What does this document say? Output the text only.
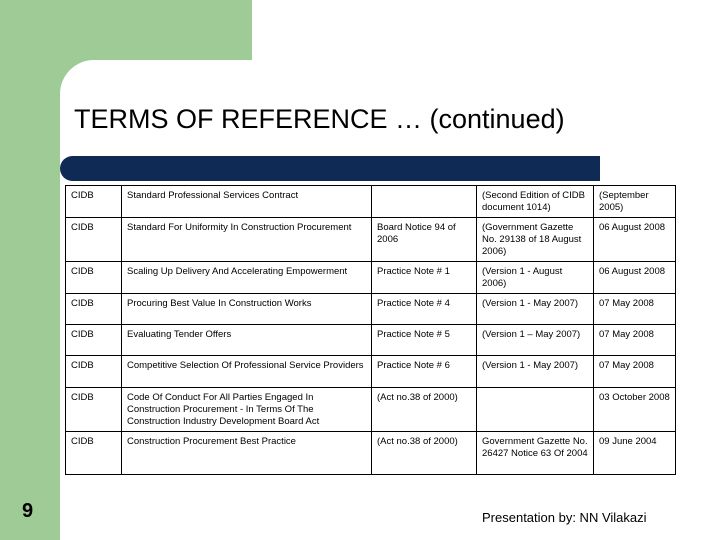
TERMS OF REFERENCE … (continued)
CIDB	Standard Professional Services Contract		(Second Edition of CIDB document 1014)	(September 2005)
CIDB	Standard For Uniformity In Construction Procurement	Board Notice 94 of 2006	(Government Gazette No. 29138 of 18 August 2006)	06 August 2008
CIDB	Scaling Up Delivery And Accelerating Empowerment	Practice Note # 1	(Version 1 - August 2006)	06 August 2008
CIDB	Procuring Best Value In Construction Works	Practice Note # 4	(Version 1 - May 2007)	07 May 2008
CIDB	Evaluating Tender Offers	Practice Note # 5	(Version 1 – May 2007)	07 May 2008
CIDB	Competitive Selection Of Professional Service Providers	Practice Note # 6	(Version 1 - May 2007)	07 May 2008
CIDB	Code Of Conduct For All Parties Engaged In Construction Procurement - In Terms Of The Construction Industry Development Board Act	(Act no.38 of 2000)		03 October 2008
CIDB	Construction Procurement Best Practice	(Act no.38 of 2000)	Government Gazette No. 26427 Notice 63 Of 2004	09 June 2004
9	Presentation by: NN Vilakazi
